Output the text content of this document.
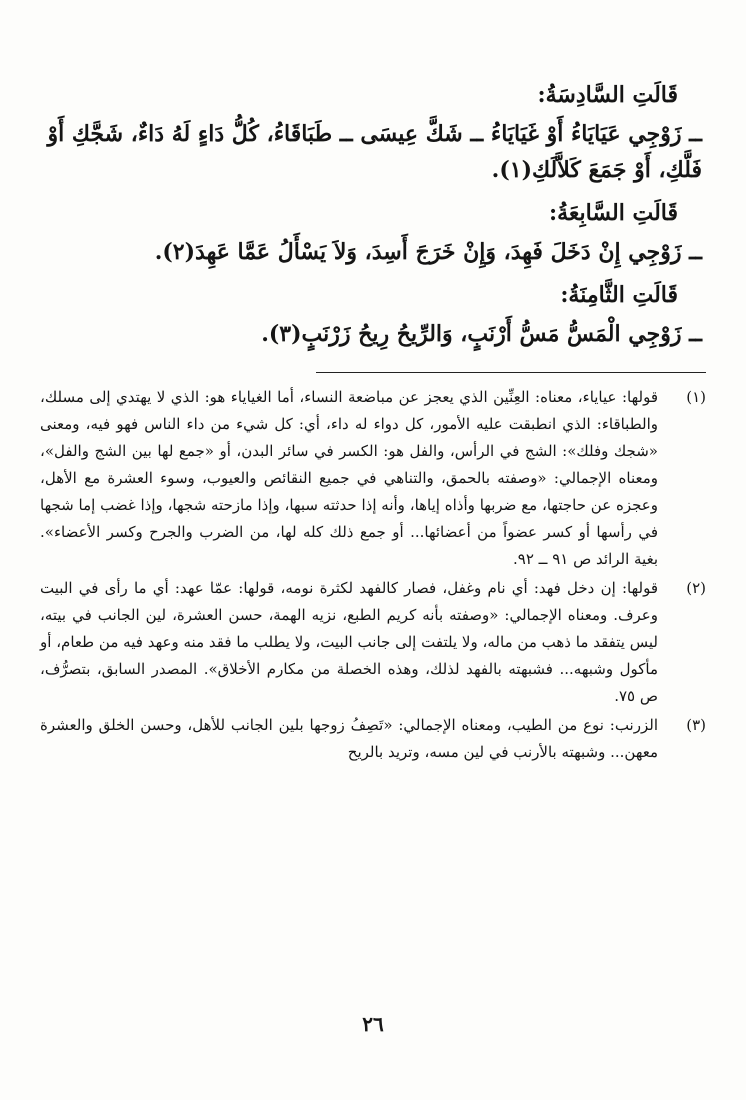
قَالَتِ السَّادِسَةُ:
ــ زَوْجِي عَيَايَاءُ أَوْ غَيَايَاءُ ــ شَكَّ عِيسَى ــ طَبَاقَاءُ، كُلُّ دَاءٍ لَهُ دَاءٌ، شَجَّكِ أَوْ فَلَّكِ، أَوْ جَمَعَ كَلاَّلَكِ(١).
قَالَتِ السَّابِعَةُ:
ــ زَوْجِي إِنْ دَخَلَ فَهِدَ، وَإِنْ خَرَجَ أَسِدَ، وَلاَ يَسْأَلُ عَمَّا عَهِدَ(٢).
قَالَتِ الثَّامِنَةُ:
ــ زَوْجِي الْمَسُّ مَسُّ أَرْنَبٍ، وَالرِّيحُ رِيحُ زَرْنَبٍ(٣).
(١)
قولها: عياياء، معناه: العِنِّين الذي يعجز عن مباضعة النساء، أما الغياياء هو: الذي لا يهتدي إلى مسلك، والطباقاء: الذي انطبقت عليه الأمور، كل دواء له داء، أي: كل شيء من داء الناس فهو فيه، ومعنى «شجك وفلك»: الشج في الرأس، والفل هو: الكسر في سائر البدن، أو «جمع لها بين الشج والفل»، ومعناه الإجمالي: «وصفته بالحمق، والتناهي في جميع النقائص والعيوب، وسوء العشرة مع الأهل، وعجزه عن حاجتها، مع ضربها وأذاه إياها، وأنه إذا حدثته سبها، وإذا مازحته شجها، وإذا غضب إما شجها في رأسها أو كسر عضواً من أعضائها... أو جمع ذلك كله لها، من الضرب والجرح وكسر الأعضاء». بغية الرائد ص ٩١ ــ ٩٢.
(٢)
قولها: إن دخل فهد: أي نام وغفل، فصار كالفهد لكثرة نومه، قولها: عمّا عهد: أي ما رأى في البيت وعرف. ومعناه الإجمالي: «وصفته بأنه كريم الطبع، نزيه الهمة، حسن العشرة، لين الجانب في بيته، ليس يتفقد ما ذهب من ماله، ولا يلتفت إلى جانب البيت، ولا يطلب ما فقد منه وعهد فيه من طعام، أو مأكول وشبهه... فشبهته بالفهد لذلك، وهذه الخصلة من مكارم الأخلاق». المصدر السابق، بتصرُّف، ص ٧٥.
(٣)
الزرنب: نوع من الطيب، ومعناه الإجمالي: «تَصِفُ زوجها بلين الجانب للأهل، وحسن الخلق والعشرة معهن... وشبهته بالأرنب في لين مسه، وتريد بالريح
٢٦
